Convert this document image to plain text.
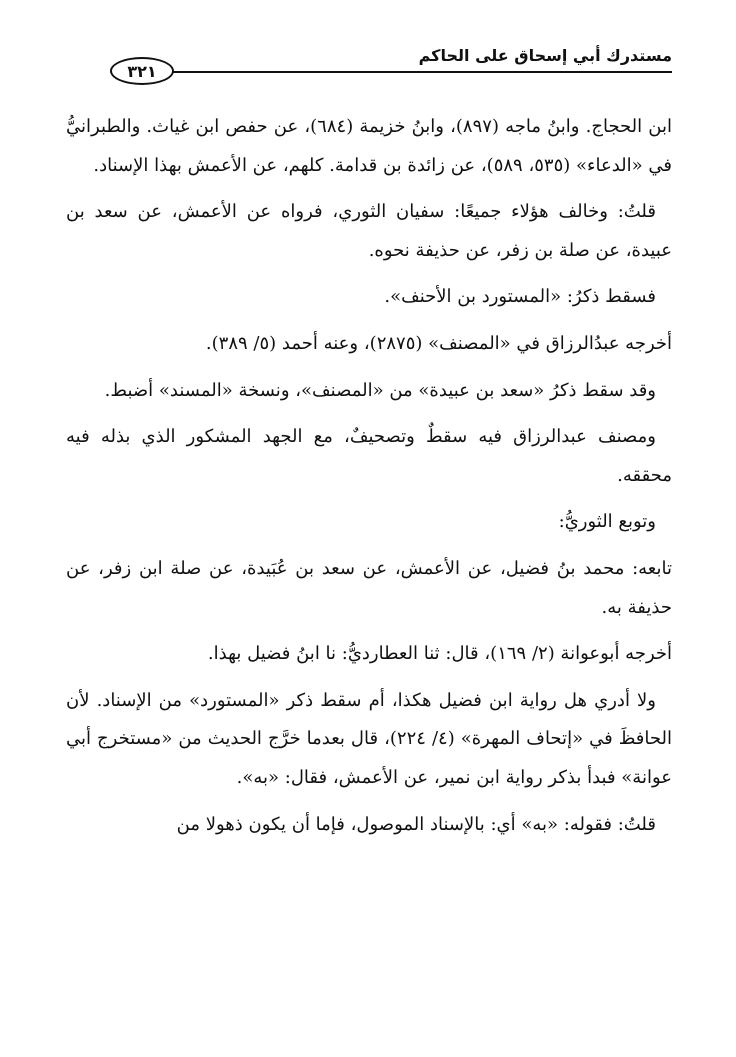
مستدرك أبي إسحاق على الحاكم
٣٢١

ابن الحجاج. وابنُ ماجه (٨٩٧)، وابنُ خزيمة (٦٨٤)، عن حفص ابن غياث. والطبرانيُّ في «الدعاء» (٥٣٥، ٥٨٩)، عن زائدة بن قدامة. كلهم، عن الأعمش بهذا الإسناد.

قلتُ: وخالف هؤلاء جميعًا: سفيان الثوري، فرواه عن الأعمش، عن سعد بن عبيدة، عن صلة بن زفر، عن حذيفة نحوه.

فسقط ذكرُ: «المستورد بن الأحنف».

أخرجه عبدُالرزاق في «المصنف» (٢٨٧٥)، وعنه أحمد (٥/ ٣٨٩).

وقد سقط ذكرُ «سعد بن عبيدة» من «المصنف»، ونسخة «المسند» أضبط.

ومصنف عبدالرزاق فيه سقطٌ وتصحيفٌ، مع الجهد المشكور الذي بذله فيه محققه.

وتوبع الثوريُّ:

تابعه: محمد بنُ فضيل، عن الأعمش، عن سعد بن عُبَيدة، عن صلة ابن زفر، عن حذيفة به.

أخرجه أبوعوانة (٢/ ١٦٩)، قال: ثنا العطارديُّ: نا ابنُ فضيل بهذا.

ولا أدري هل رواية ابن فضيل هكذا، أم سقط ذكر «المستورد» من الإسناد. لأن الحافظَ في «إتحاف المهرة» (٤/ ٢٢٤)، قال بعدما خرَّج الحديث من «مستخرج أبي عوانة» فبدأ بذكر رواية ابن نمير، عن الأعمش، فقال: «به».

قلتُ: فقوله: «به» أي: بالإسناد الموصول، فإما أن يكون ذهولا من
